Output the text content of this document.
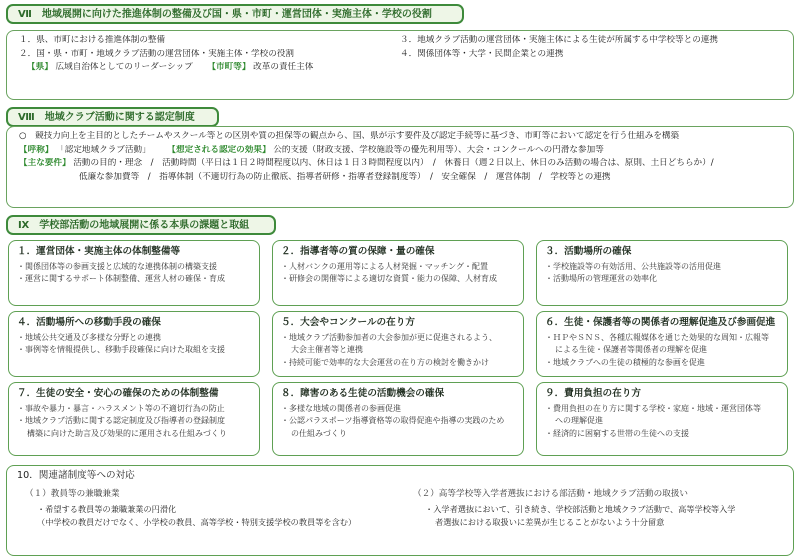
Ⅶ　地域展開に向けた推進体制の整備及び国・県・市町・運営団体・実施主体・学校の役割
１．県、市町における推進体制の整備	３．地域クラブ活動の運営団体・実施主体による生徒が所属する中学校等との連携
２．国・県・市町・地域クラブ活動の運営団体・実施主体・学校の役割	４．関係団体等・大学・民間企業との連携
【県】 広域自治体としてのリーダーシップ 【市町等】 改革の責任主体
Ⅷ　地域クラブ活動に関する認定制度
○　競技力向上を主目的としたチームやスクール等との区別や質の担保等の観点から、国、県が示す要件及び認定手続等に基づき、市町等において認定を行う仕組みを構築
【呼称】 「認定地域クラブ活動」 【想定される認定の効果】 公的支援（財政支援、学校施設等の優先利用等）、大会・コンクールへの円滑な参加等
【主な要件】 活動の目的・理念　/　活動時間（平日は１日２時間程度以内、休日は１日３時間程度以内）　/　休養日（週２日以上、休日のみ活動の場合は、原則、土日どちらか）/
低廉な参加費等　/　指導体制（不適切行為の防止徹底、指導者研修・指導者登録制度等）　/　安全確保　/　運営体制　/　学校等との連携
Ⅸ　学校部活動の地域展開に係る本県の課題と取組
１．運営団体・実施主体の体制整備等
・関係団体等の参画支援と広域的な連携体制の構築支援
・運営に関するサポート体制整備、運営人材の確保・育成
２．指導者等の質の保障・量の確保
・人材バンクの運用等による人材発掘・マッチング・配置
・研修会の開催等による適切な資質・能力の保障、人材育成
３．活動場所の確保
・学校施設等の有効活用、公共施設等の活用促進
・活動場所の管理運営の効率化
４．活動場所への移動手段の確保
・地域公共交通及び多様な分野との連携
・事例等を情報提供し、移動手段確保に向けた取組を支援
５．大会やコンクールの在り方
・地域クラブ活動参加者の大会参加が更に促進されるよう、
大会主催者等と連携
・持続可能で効率的な大会運営の在り方の検討を働きかけ
６．生徒・保護者等の関係者の理解促進及び参画促進
・ＨＰやＳＮＳ、各種広報媒体を通じた効果的な周知・広報等
による生徒・保護者等関係者の理解を促進
・地域クラブへの生徒の積極的な参画を促進
７．生徒の安全・安心の確保のための体制整備
・事故や暴力・暴言・ハラスメント等の不適切行為の防止
・地域クラブ活動に関する認定制度及び指導者の登録制度
構築に向けた助言及び効果的に運用される仕組みづくり
８．障害のある生徒の活動機会の確保
・多様な地域の関係者の参画促進
・公認パラスポーツ指導資格等の取得促進や指導の実践のため
の仕組みづくり
９．費用負担の在り方
・費用負担の在り方に関する学校・家庭・地域・運営団体等
への理解促進
・経済的に困窮する世帯の生徒への支援
10．関連諸制度等への対応
（１）教員等の兼職兼業
・希望する教員等の兼職兼業の円滑化
（中学校の教員だけでなく、小学校の教員、高等学校・特別支援学校の教員等を含む）
（２）高等学校等入学者選抜における部活動・地域クラブ活動の取扱い
・入学者選抜において、引き続き、学校部活動と地域クラブ活動で、高等学校等入学
者選抜における取扱いに差異が生じることがないよう十分留意
